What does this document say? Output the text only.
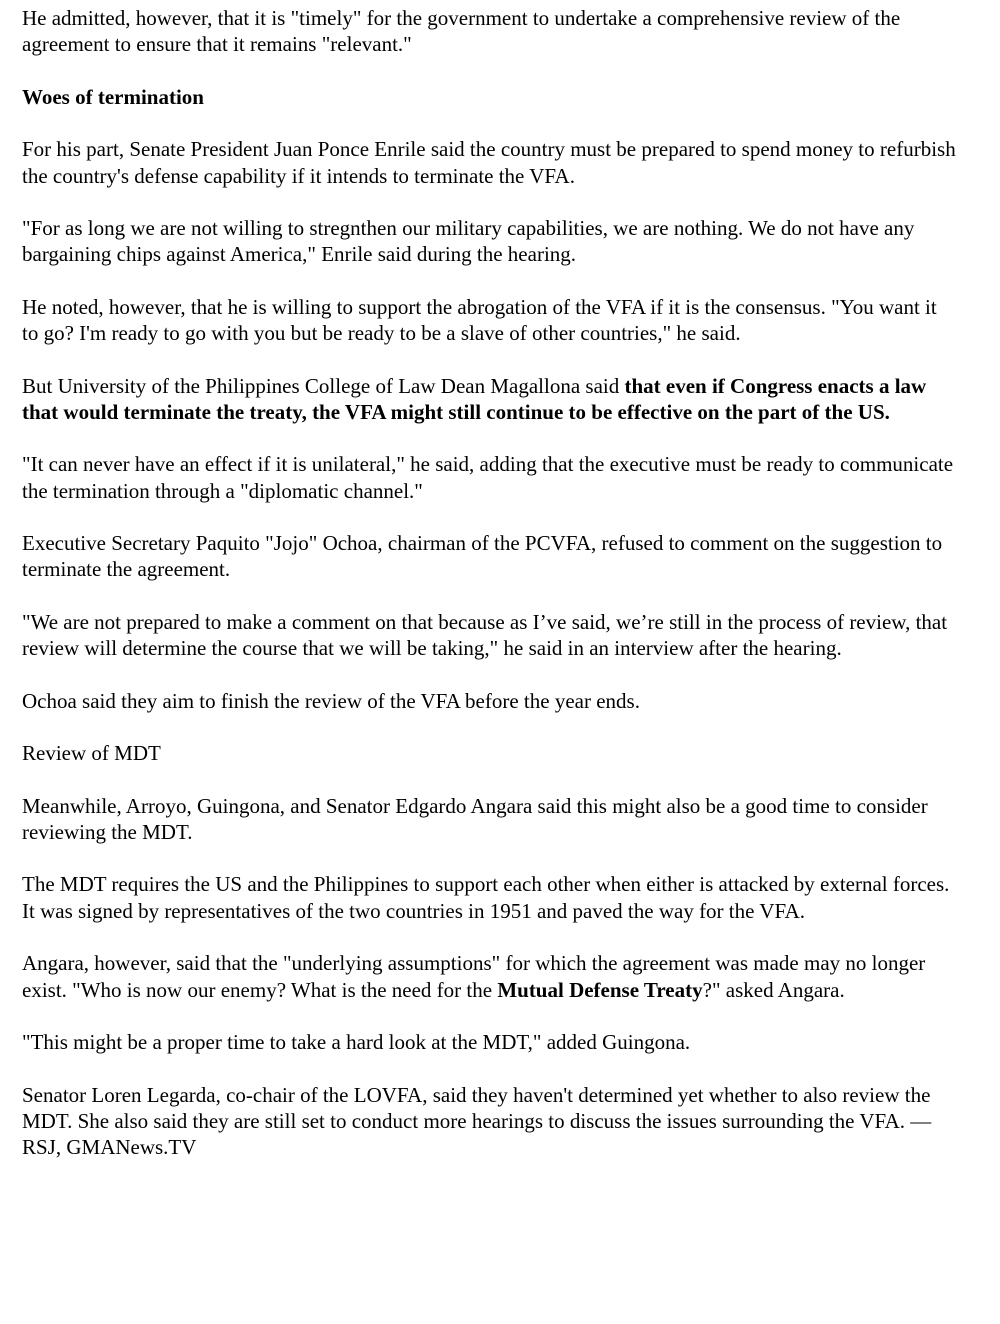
He admitted, however, that it is "timely" for the government to undertake a comprehensive review of the agreement to ensure that it remains "relevant."

Woes of termination

For his part, Senate President Juan Ponce Enrile said the country must be prepared to spend money to refurbish the country's defense capability if it intends to terminate the VFA.

"For as long we are not willing to stregnthen our military capabilities, we are nothing. We do not have any bargaining chips against America," Enrile said during the hearing.

He noted, however, that he is willing to support the abrogation of the VFA if it is the consensus. "You want it to go? I'm ready to go with you but be ready to be a slave of other countries," he said.

But University of the Philippines College of Law Dean Magallona said that even if Congress enacts a law that would terminate the treaty, the VFA might still continue to be effective on the part of the US.

"It can never have an effect if it is unilateral," he said, adding that the executive must be ready to communicate the termination through a "diplomatic channel."

Executive Secretary Paquito "Jojo" Ochoa, chairman of the PCVFA, refused to comment on the suggestion to terminate the agreement.

"We are not prepared to make a comment on that because as I’ve said, we’re still in the process of review, that review will determine the course that we will be taking," he said in an interview after the hearing.

Ochoa said they aim to finish the review of the VFA before the year ends.

Review of MDT

Meanwhile, Arroyo, Guingona, and Senator Edgardo Angara said this might also be a good time to consider reviewing the MDT.

The MDT requires the US and the Philippines to support each other when either is attacked by external forces. It was signed by representatives of the two countries in 1951 and paved the way for the VFA.

Angara, however, said that the "underlying assumptions" for which the agreement was made may no longer exist. "Who is now our enemy? What is the need for the Mutual Defense Treaty?" asked Angara.

"This might be a proper time to take a hard look at the MDT," added Guingona.

Senator Loren Legarda, co-chair of the LOVFA, said they haven't determined yet whether to also review the MDT. She also said they are still set to conduct more hearings to discuss the issues surrounding the VFA. — RSJ, GMANews.TV
